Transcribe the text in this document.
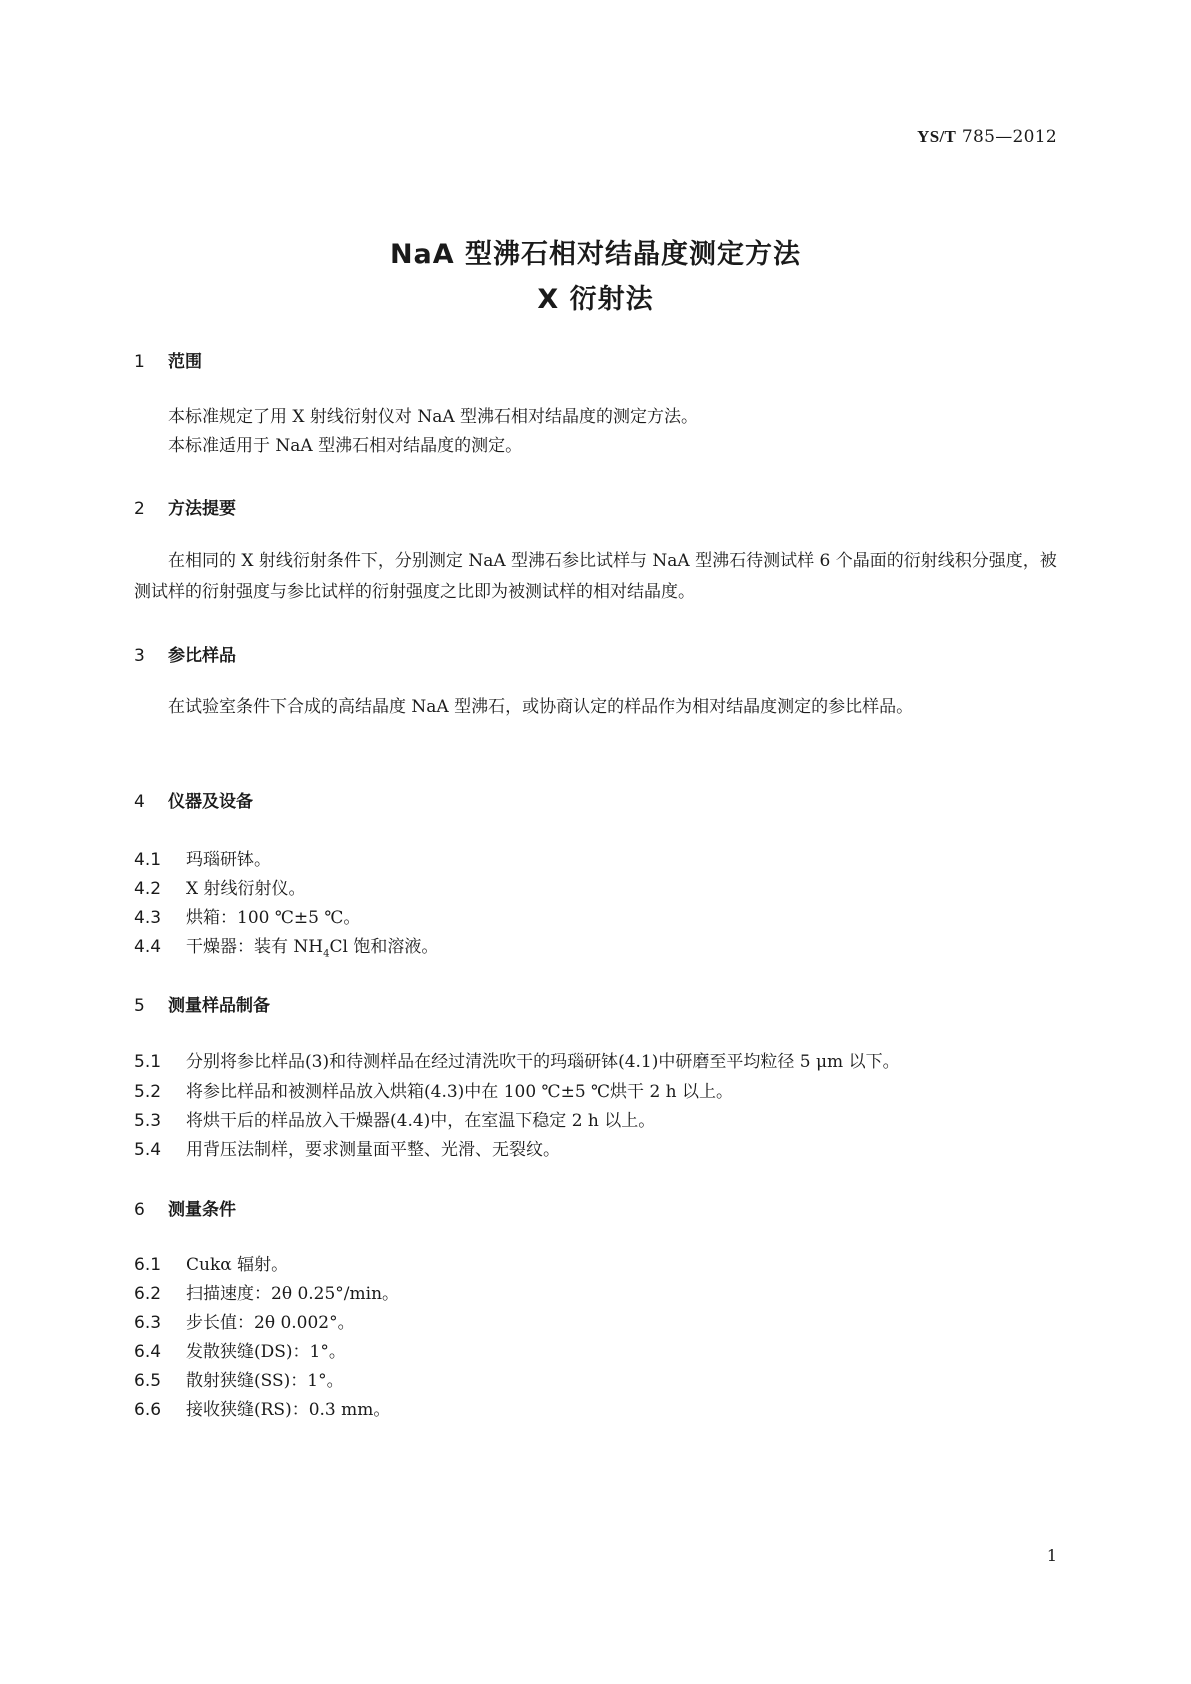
YS/T 785—2012
NaA 型沸石相对结晶度测定方法
X 衍射法
1 范围
本标准规定了用 X 射线衍射仪对 NaA 型沸石相对结晶度的测定方法。
本标准适用于 NaA 型沸石相对结晶度的测定。
2 方法提要
在相同的 X 射线衍射条件下，分别测定 NaA 型沸石参比试样与 NaA 型沸石待测试样 6 个晶面的衍射线积分强度，被测试样的衍射强度与参比试样的衍射强度之比即为被测试样的相对结晶度。
3 参比样品
在试验室条件下合成的高结晶度 NaA 型沸石，或协商认定的样品作为相对结晶度测定的参比样品。
4 仪器及设备
4.1 玛瑙研钵。
4.2 X 射线衍射仪。
4.3 烘箱：100 ℃±5 ℃。
4.4 干燥器：装有 $NH_4Cl$ 饱和溶液。
5 测量样品制备
5.1 分别将参比样品(3)和待测样品在经过清洗吹干的玛瑙研钵(4.1)中研磨至平均粒径 5 μm 以下。
5.2 将参比样品和被测样品放入烘箱(4.3)中在 100 ℃±5 ℃烘干 2 h 以上。
5.3 将烘干后的样品放入干燥器(4.4)中，在室温下稳定 2 h 以上。
5.4 用背压法制样，要求测量面平整、光滑、无裂纹。
6 测量条件
6.1 Cukα 辐射。
6.2 扫描速度：2θ 0.25°/min。
6.3 步长值：2θ 0.002°。
6.4 发散狭缝(DS)：1°。
6.5 散射狭缝(SS)：1°。
6.6 接收狭缝(RS)：0.3 mm。
1
